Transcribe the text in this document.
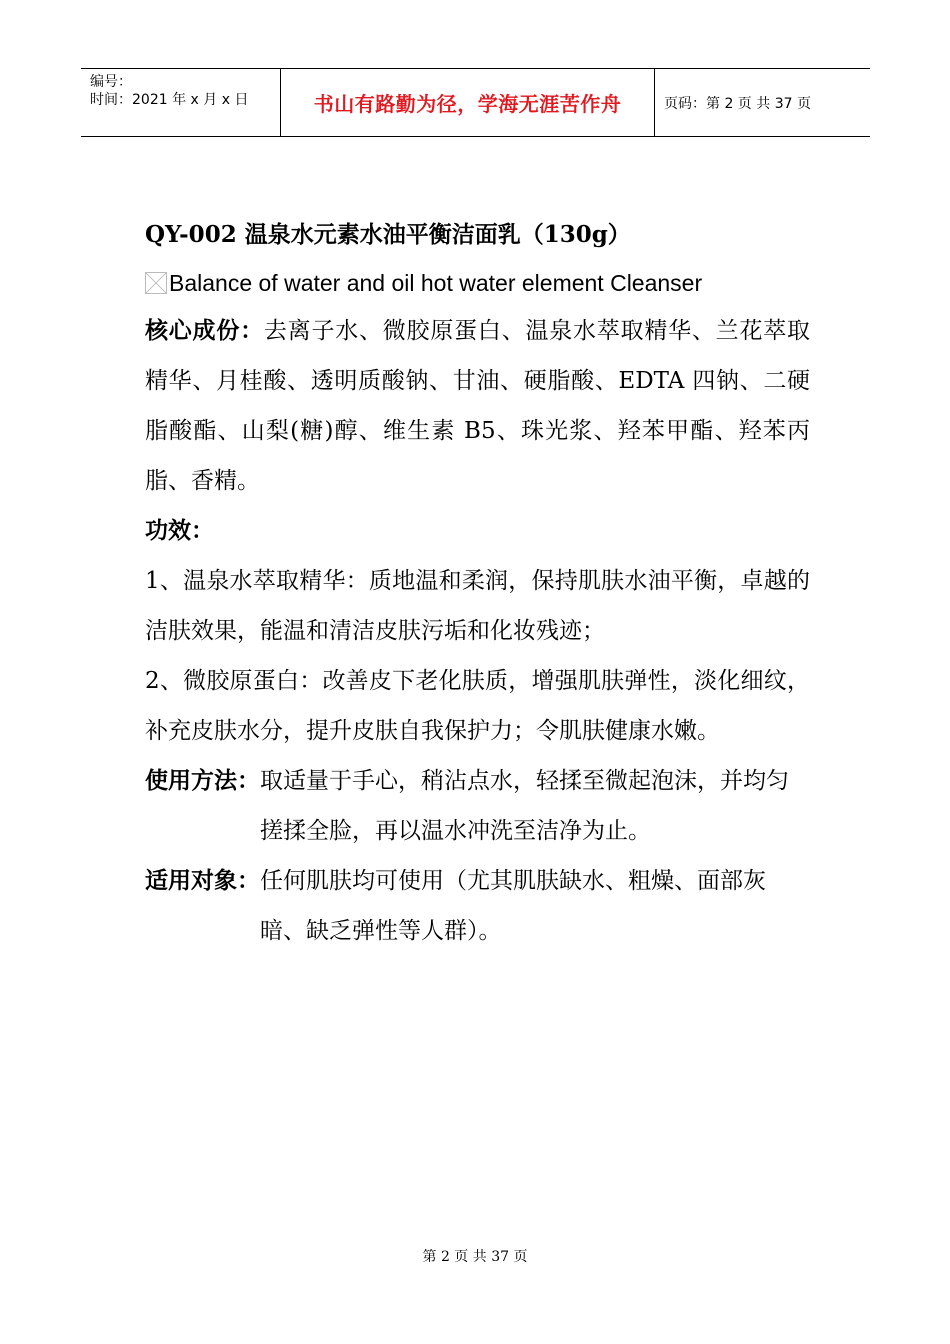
编号：
时间：2021 年 x 月 x 日	书山有路勤为径，学海无涯苦作舟	页码：第 2 页 共 37 页
QY-002 温泉水元素水油平衡洁面乳（130g）
Balance of water and oil hot water element Cleanser
核心成份：去离子水、微胶原蛋白、温泉水萃取精华、兰花萃取精华、月桂酸、透明质酸钠、甘油、硬脂酸、EDTA 四钠、二硬脂酸酯、山梨(糖)醇、维生素 B5、珠光浆、羟苯甲酯、羟苯丙脂、香精。
功效：
1、温泉水萃取精华：质地温和柔润，保持肌肤水油平衡，卓越的洁肤效果，能温和清洁皮肤污垢和化妆残迹；
2、微胶原蛋白：改善皮下老化肤质，增强肌肤弹性，淡化细纹，补充皮肤水分，提升皮肤自我保护力；令肌肤健康水嫩。
使用方法： 取适量于手心，稍沾点水，轻揉至微起泡沫，并均匀搓揉全脸，再以温水冲洗至洁净为止。
适用对象： 任何肌肤均可使用（尤其肌肤缺水、粗燥、面部灰暗、缺乏弹性等人群）。
第 2 页 共 37 页
